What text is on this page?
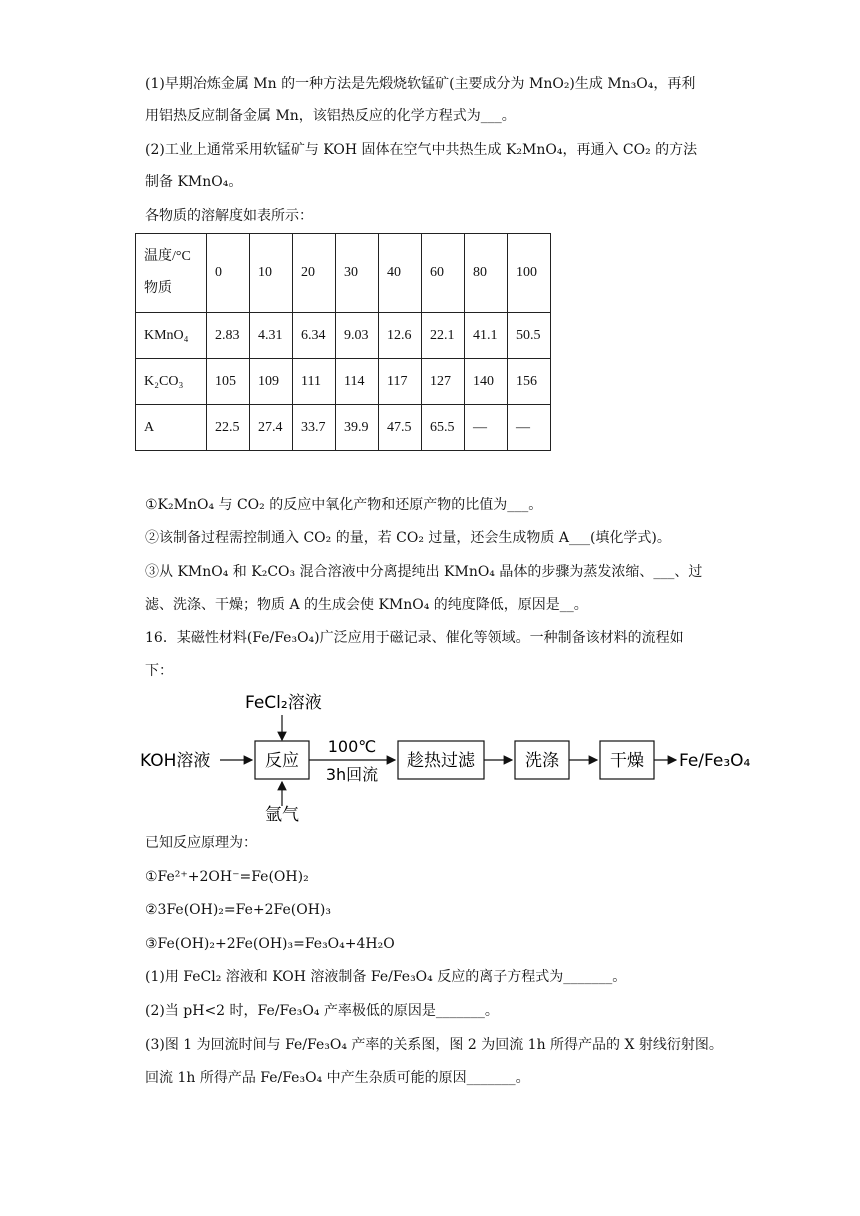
(1)早期冶炼金属 Mn 的一种方法是先煅烧软锰矿(主要成分为 MnO₂)生成 Mn₃O₄，再利
用铝热反应制备金属 Mn，该铝热反应的化学方程式为___。
(2)工业上通常采用软锰矿与 KOH 固体在空气中共热生成 K₂MnO₄，再通入 CO₂ 的方法
制备 KMnO₄。
各物质的溶解度如表所示：
温度/°C
物质	0	10	20	30	40	60	80	100
KMnO₄	2.83	4.31	6.34	9.03	12.6	22.1	41.1	50.5
K₂CO₃	105	109	111	114	117	127	140	156
A	22.5	27.4	33.7	39.9	47.5	65.5	—	—
①K₂MnO₄ 与 CO₂ 的反应中氧化产物和还原产物的比值为___。
②该制备过程需控制通入 CO₂ 的量，若 CO₂ 过量，还会生成物质 A___(填化学式)。
③从 KMnO₄ 和 K₂CO₃ 混合溶液中分离提纯出 KMnO₄ 晶体的步骤为蒸发浓缩、___、过
滤、洗涤、干燥；物质 A 的生成会使 KMnO₄ 的纯度降低，原因是__。
16．某磁性材料(Fe/Fe₃O₄)广泛应用于磁记录、催化等领域。一种制备该材料的流程如
下：
FeCl₂溶液
KOH溶液	反应
氩气
100℃
3h回流
趁热过滤	洗涤	干燥 Fe/Fe₃O₄
已知反应原理为：
①Fe²⁺+2OH⁻=Fe(OH)₂
②3Fe(OH)₂=Fe+2Fe(OH)₃
③Fe(OH)₂+2Fe(OH)₃=Fe₃O₄+4H₂O
(1)用 FeCl₂ 溶液和 KOH 溶液制备 Fe/Fe₃O₄ 反应的离子方程式为_______。
(2)当 pH<2 时，Fe/Fe₃O₄ 产率极低的原因是_______。
(3)图 1 为回流时间与 Fe/Fe₃O₄ 产率的关系图，图 2 为回流 1h 所得产品的 X 射线衍射图。
回流 1h 所得产品 Fe/Fe₃O₄ 中产生杂质可能的原因_______。
